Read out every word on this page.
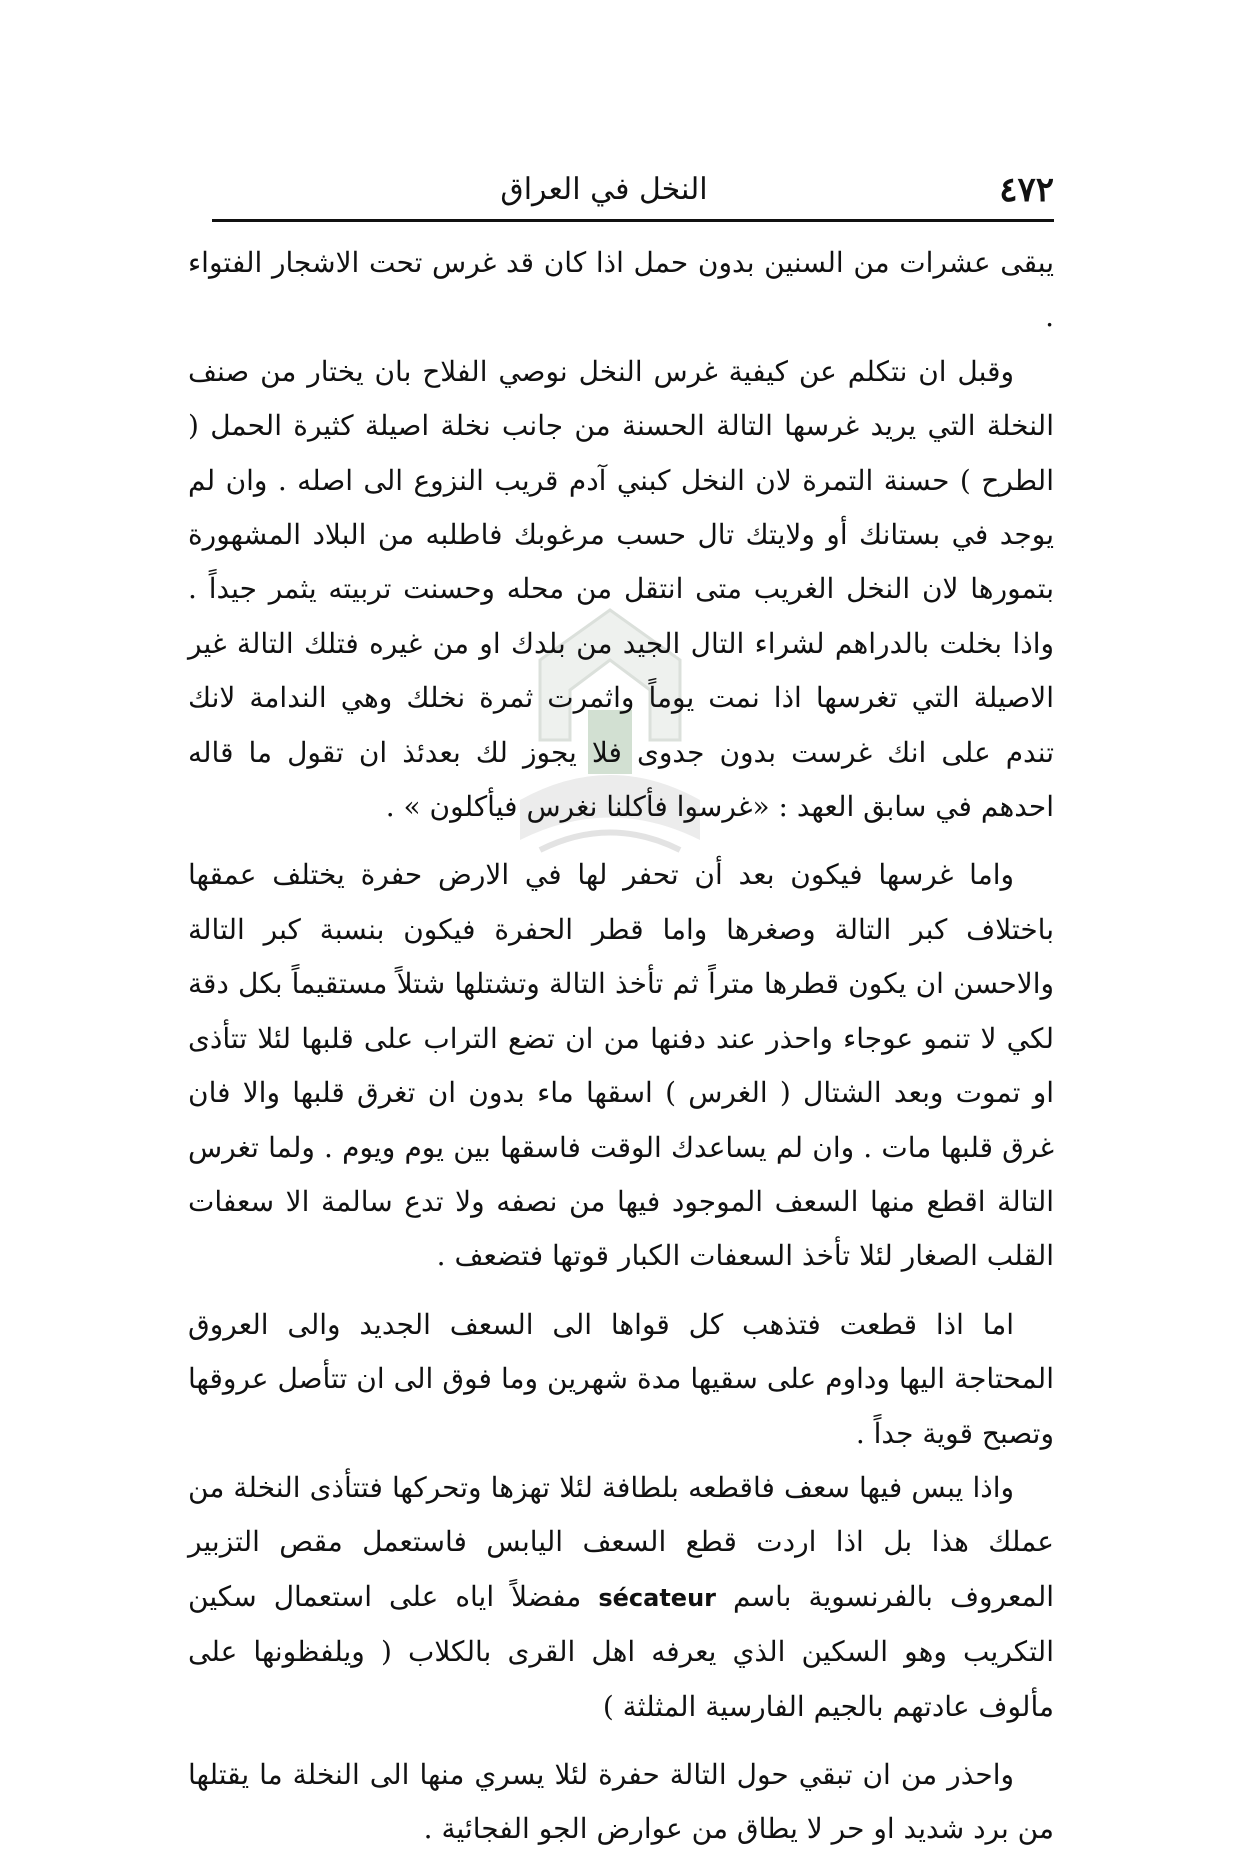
٤٧٢
النخل في العراق

يبقى عشرات من السنين بدون حمل اذا كان قد غرس تحت الاشجار الفتواء .

وقبل ان نتكلم عن كيفية غرس النخل نوصي الفلاح بان يختار من صنف النخلة التي يريد غرسها التالة الحسنة من جانب نخلة اصيلة كثيرة الحمل ( الطرح ) حسنة التمرة لان النخل كبني آدم قريب النزوع الى اصله . وان لم يوجد في بستانك أو ولايتك تال حسب مرغوبك فاطلبه من البلاد المشهورة بتمورها لان النخل الغريب متى انتقل من محله وحسنت تربيته يثمر جيداً . واذا بخلت بالدراهم لشراء التال الجيد من بلدك او من غيره فتلك التالة غير الاصيلة التي تغرسها اذا نمت يوماً واثمرت ثمرة نخلك وهي الندامة لانك تندم على انك غرست بدون جدوى فلا يجوز لك بعدئذ ان تقول ما قاله احدهم في سابق العهد : «غرسوا فأكلنا نغرس فيأكلون » .

واما غرسها فيكون بعد أن تحفر لها في الارض حفرة يختلف عمقها باختلاف كبر التالة وصغرها واما قطر الحفرة فيكون بنسبة كبر التالة والاحسن ان يكون قطرها متراً ثم تأخذ التالة وتشتلها شتلاً مستقيماً بكل دقة لكي لا تنمو عوجاء واحذر عند دفنها من ان تضع التراب على قلبها لئلا تتأذى او تموت وبعد الشتال ( الغرس ) اسقها ماء بدون ان تغرق قلبها والا فان غرق قلبها مات . وان لم يساعدك الوقت فاسقها بين يوم ويوم . ولما تغرس التالة اقطع منها السعف الموجود فيها من نصفه ولا تدع سالمة الا سعفات القلب الصغار لئلا تأخذ السعفات الكبار قوتها فتضعف .

اما اذا قطعت فتذهب كل قواها الى السعف الجديد والى العروق المحتاجة اليها وداوم على سقيها مدة شهرين وما فوق الى ان تتأصل عروقها وتصبح قوية جداً .

واذا يبس فيها سعف فاقطعه بلطافة لئلا تهزها وتحركها فتتأذى النخلة من عملك هذا بل اذا اردت قطع السعف اليابس فاستعمل مقص التزبير المعروف بالفرنسوية باسم sécateur مفضلاً اياه على استعمال سكين التكريب وهو السكين الذي يعرفه اهل القرى بالكلاب ( ويلفظونها على مألوف عادتهم بالجيم الفارسية المثلثة )

واحذر من ان تبقي حول التالة حفرة لئلا يسري منها الى النخلة ما يقتلها من برد شديد او حر لا يطاق من عوارض الجو الفجائية .
